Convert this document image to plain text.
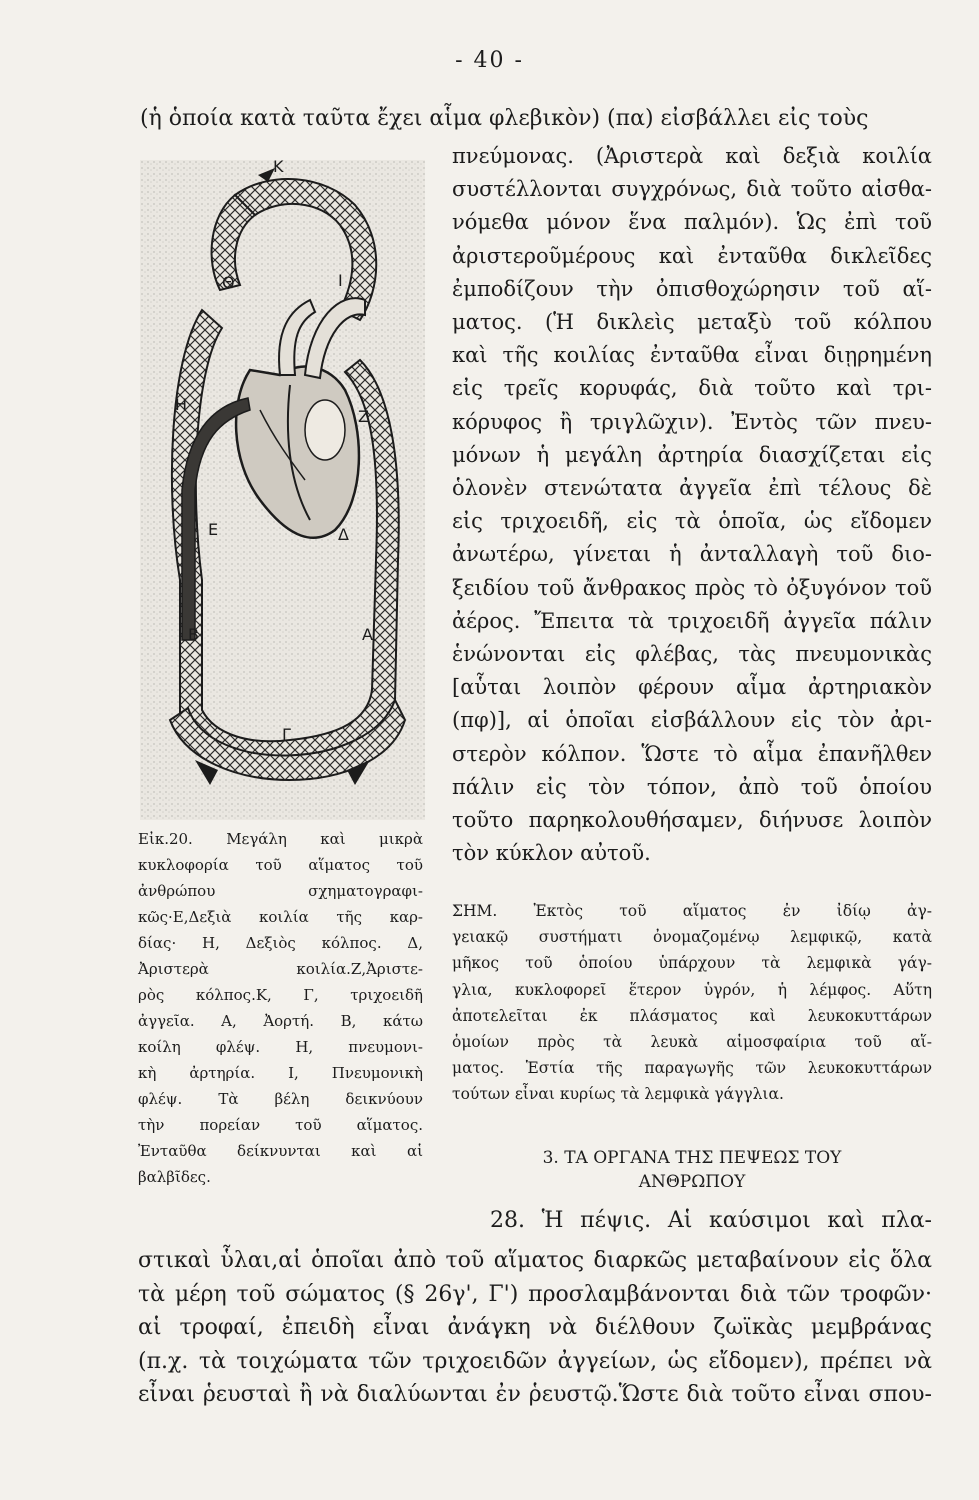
- 40 -
(ἡ ὁποία κατὰ ταῦτα ἔχει αἷμα φλεβικὸν) (πα) εἰσβάλλει εἰς τοὺς
πνεύμονας. (Ἀριστερὰ καὶ δεξιὰ κοιλία
συστέλλονται συγχρόνως, διὰ τοῦτο αἰσθα-
νόμεθα μόνον ἕνα παλμόν). Ὡς ἐπὶ τοῦ
ἀριστεροῦμέρους καὶ ἐνταῦθα δικλεῖδες
ἐμποδίζουν τὴν ὀπισθοχώρησιν τοῦ αἵ-
ματος. (Ἡ δικλεὶς μεταξὺ τοῦ κόλπου
καὶ τῆς κοιλίας ἐνταῦθα εἶναι διῃρημένη
εἰς τρεῖς κορυφάς, διὰ τοῦτο καὶ τρι-
κόρυφος ἢ τριγλῶχιν). Ἐντὸς τῶν πνευ-
μόνων ἡ μεγάλη ἀρτηρία διασχίζεται εἰς
ὁλονὲν στενώτατα ἀγγεῖα ἐπὶ τέλους δὲ
εἰς τριχοειδῆ, εἰς τὰ ὁποῖα, ὡς εἴδομεν
ἀνωτέρω, γίνεται ἡ ἀνταλλαγὴ τοῦ διο-
ξειδίου τοῦ ἄνθρακος πρὸς τὸ ὀξυγόνον τοῦ
ἀέρος. Ἔπειτα τὰ τριχοειδῆ ἀγγεῖα πάλιν
ἑνώνονται εἰς φλέβας, τὰς πνευμονικὰς
[αὗται λοιπὸν φέρουν αἷμα ἀρτηριακὸν
(πφ)], αἱ ὁποῖαι εἰσβάλλουν εἰς τὸν ἀρι-
στερὸν κόλπον. Ὥστε τὸ αἷμα ἐπανῆλθεν
πάλιν εἰς τὸν τόπον, ἀπὸ τοῦ ὁποίου
τοῦτο παρηκολουθήσαμεν, διήνυσε λοιπὸν
τὸν κύκλον αὐτοῦ.
ΣΗΜ. Ἐκτὸς τοῦ αἵματος ἐν ἰδίῳ ἀγ-
γειακῷ συστήματι ὀνομαζομένῳ λεμφικῷ, κατὰ
μῆκος τοῦ ὁποίου ὑπάρχουν τὰ λεμφικὰ γάγ-
γλια, κυκλοφορεῖ ἕτερον ὑγρόν, ἡ λέμφος. Αὕτη
ἀποτελεῖται ἐκ πλάσματος καὶ λευκοκυττάρων
ὁμοίων πρὸς τὰ λευκὰ αἱμοσφαίρια τοῦ αἵ-
ματος. Ἑστία τῆς παραγωγῆς τῶν λευκοκυττάρων
τούτων εἶναι κυρίως τὰ λεμφικὰ γάγγλια.
3. ΤΑ ΟΡΓΑΝΑ ΤΗΣ ΠΕΨΕΩΣ ΤΟΥ
ΑΝΘΡΩΠΟΥ
Κ
Θ	Ι
Η
Ζ
Ε	Δ
Β	Α
Γ
Εἰκ.20. Μεγάλη καὶ μικρὰ
κυκλοφορία τοῦ αἵματος τοῦ
ἀνθρώπου σχηματογραφι-
κῶς·Ε,Δεξιὰ κοιλία τῆς καρ-
δίας· Η, Δεξιὸς κόλπος. Δ,
Ἀριστερὰ κοιλία.Ζ,Ἀριστε-
ρὸς κόλπος.Κ, Γ, τριχοειδῆ
ἀγγεῖα. Α, Ἀορτή. Β, κάτω
κοίλη φλέψ. Η, πνευμονι-
κὴ ἀρτηρία. Ι, Πνευμονικὴ
φλέψ. Τὰ βέλη δεικνύουν
τὴν πορείαν τοῦ αἵματος.
Ἐνταῦθα δείκνυνται καὶ αἱ
βαλβῖδες.
28. Ἡ πέψις. Αἱ καύσιμοι καὶ πλα-
στικαὶ ὗλαι,αἱ ὁποῖαι ἀπὸ τοῦ αἵματος διαρκῶς μεταβαίνουν εἰς ὅλα
τὰ μέρη τοῦ σώματος (§ 26γ', Γ') προσλαμβάνονται διὰ τῶν τροφῶν·
αἱ τροφαί, ἐπειδὴ εἶναι ἀνάγκη νὰ διέλθουν ζωϊκὰς μεμβράνας
(π.χ. τὰ τοιχώματα τῶν τριχοειδῶν ἀγγείων, ὡς εἴδομεν), πρέπει νὰ
εἶναι ῥευσταὶ ἢ νὰ διαλύωνται ἐν ῥευστῷ.Ὥστε διὰ τοῦτο εἶναι σπου-
